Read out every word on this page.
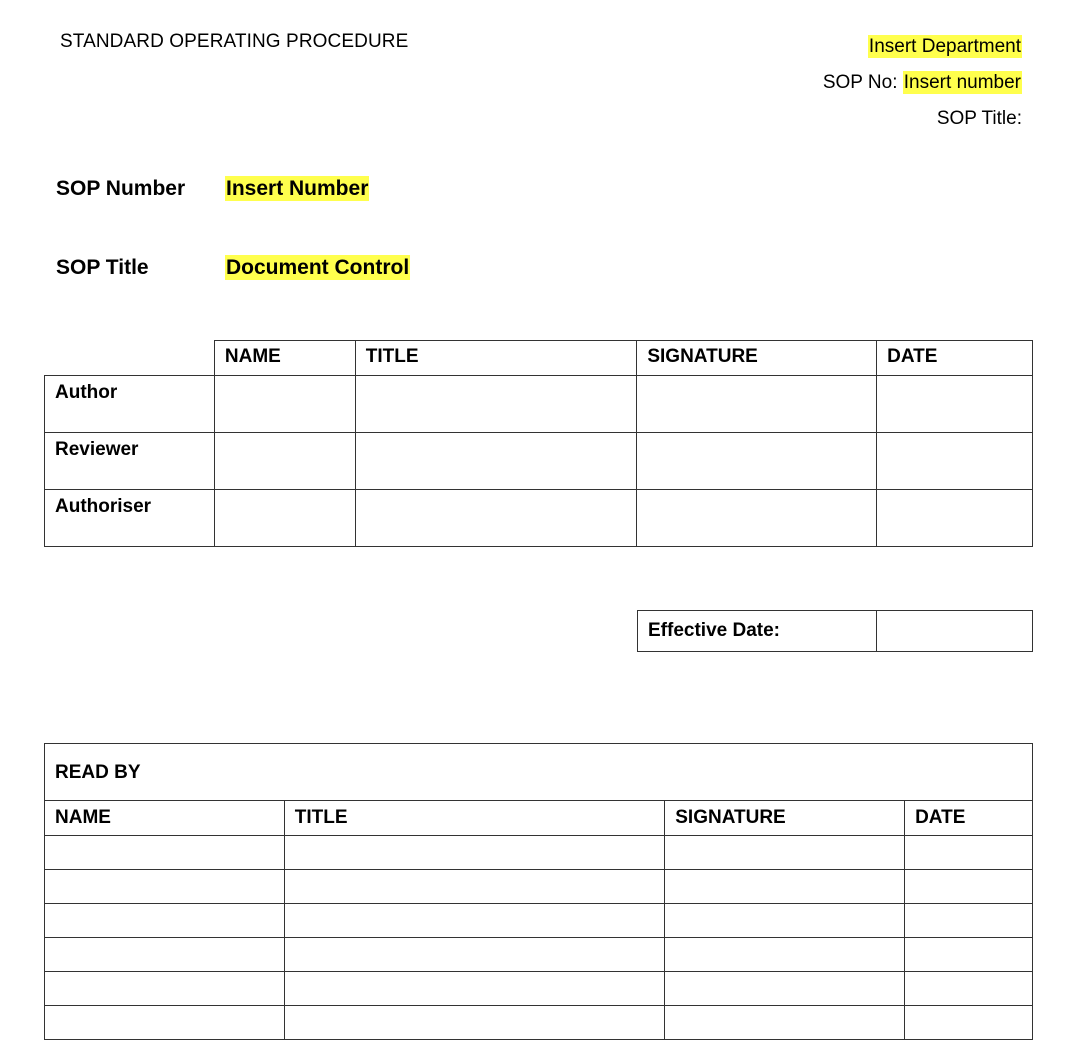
STANDARD OPERATING PROCEDURE	Insert Department
SOP No: Insert number
SOP Title:
SOP Number Insert Number
SOP Title	Document Control
	NAME	TITLE	SIGNATURE	DATE
Author				
Reviewer				
Authoriser				
Effective Date:	
READ BY			
NAME	TITLE	SIGNATURE	DATE
